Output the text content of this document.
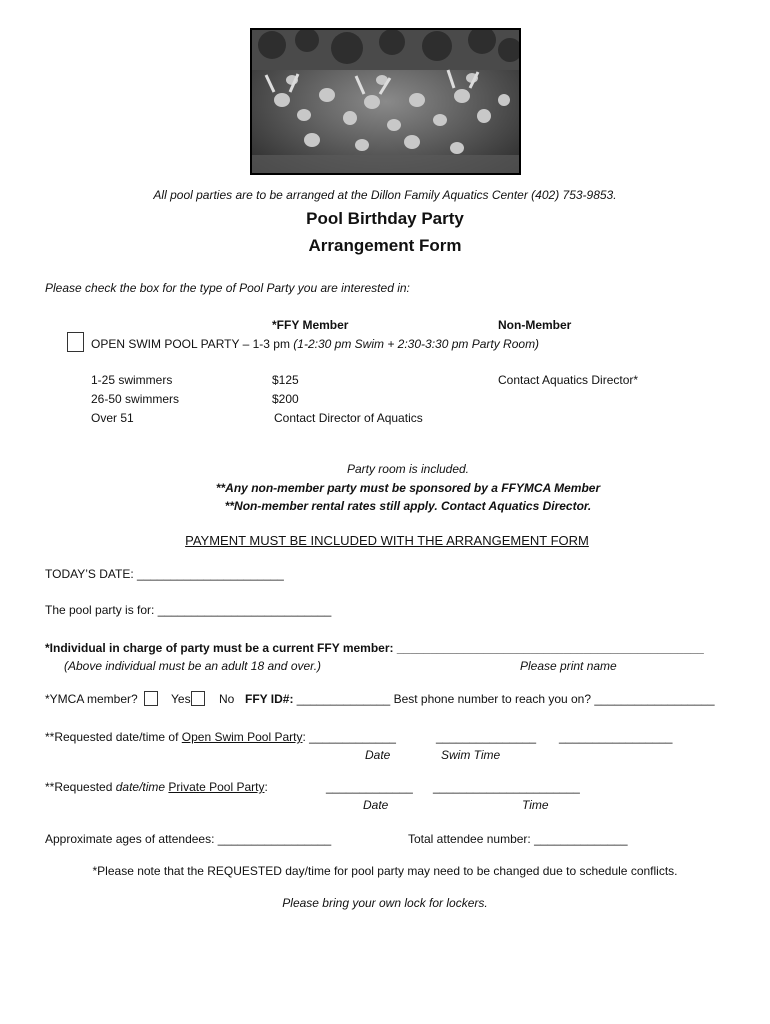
All pool parties are to be arranged at the Dillon Family Aquatics Center (402) 753-9853.
Pool Birthday Party
Arrangement Form
Please check the box for the type of Pool Party you are interested in:
*FFY Member	Non-Member
OPEN SWIM POOL PARTY – 1-3 pm (1-2:30 pm Swim + 2:30-3:30 pm Party Room)
1-25 swimmers	$125	Contact Aquatics Director*
26-50 swimmers	$200
Over 51	Contact Director of Aquatics
Party room is included.
**Any non-member party must be sponsored by a FFYMCA Member
**Non-member rental rates still apply. Contact Aquatics Director.
PAYMENT MUST BE INCLUDED WITH THE ARRANGEMENT FORM
TODAY’S DATE: ______________________
The pool party is for: __________________________
*Individual in charge of party must be a current FFY member: ______________________________________________
(Above individual must be an adult 18 and over.)	Please print name
*YMCA member?	Yes No FFY ID#: ______________ Best phone number to reach you on? __________________
**Requested date/time of Open Swim Pool Party: _____________	_______________ _________________
Date	Swim Time
**Requested date/time Private Pool Party:	_____________ ______________________
Date	Time
Approximate ages of attendees: _________________	Total attendee number: ______________
*Please note that the REQUESTED day/time for pool party may need to be changed due to schedule conflicts.
Please bring your own lock for lockers.
